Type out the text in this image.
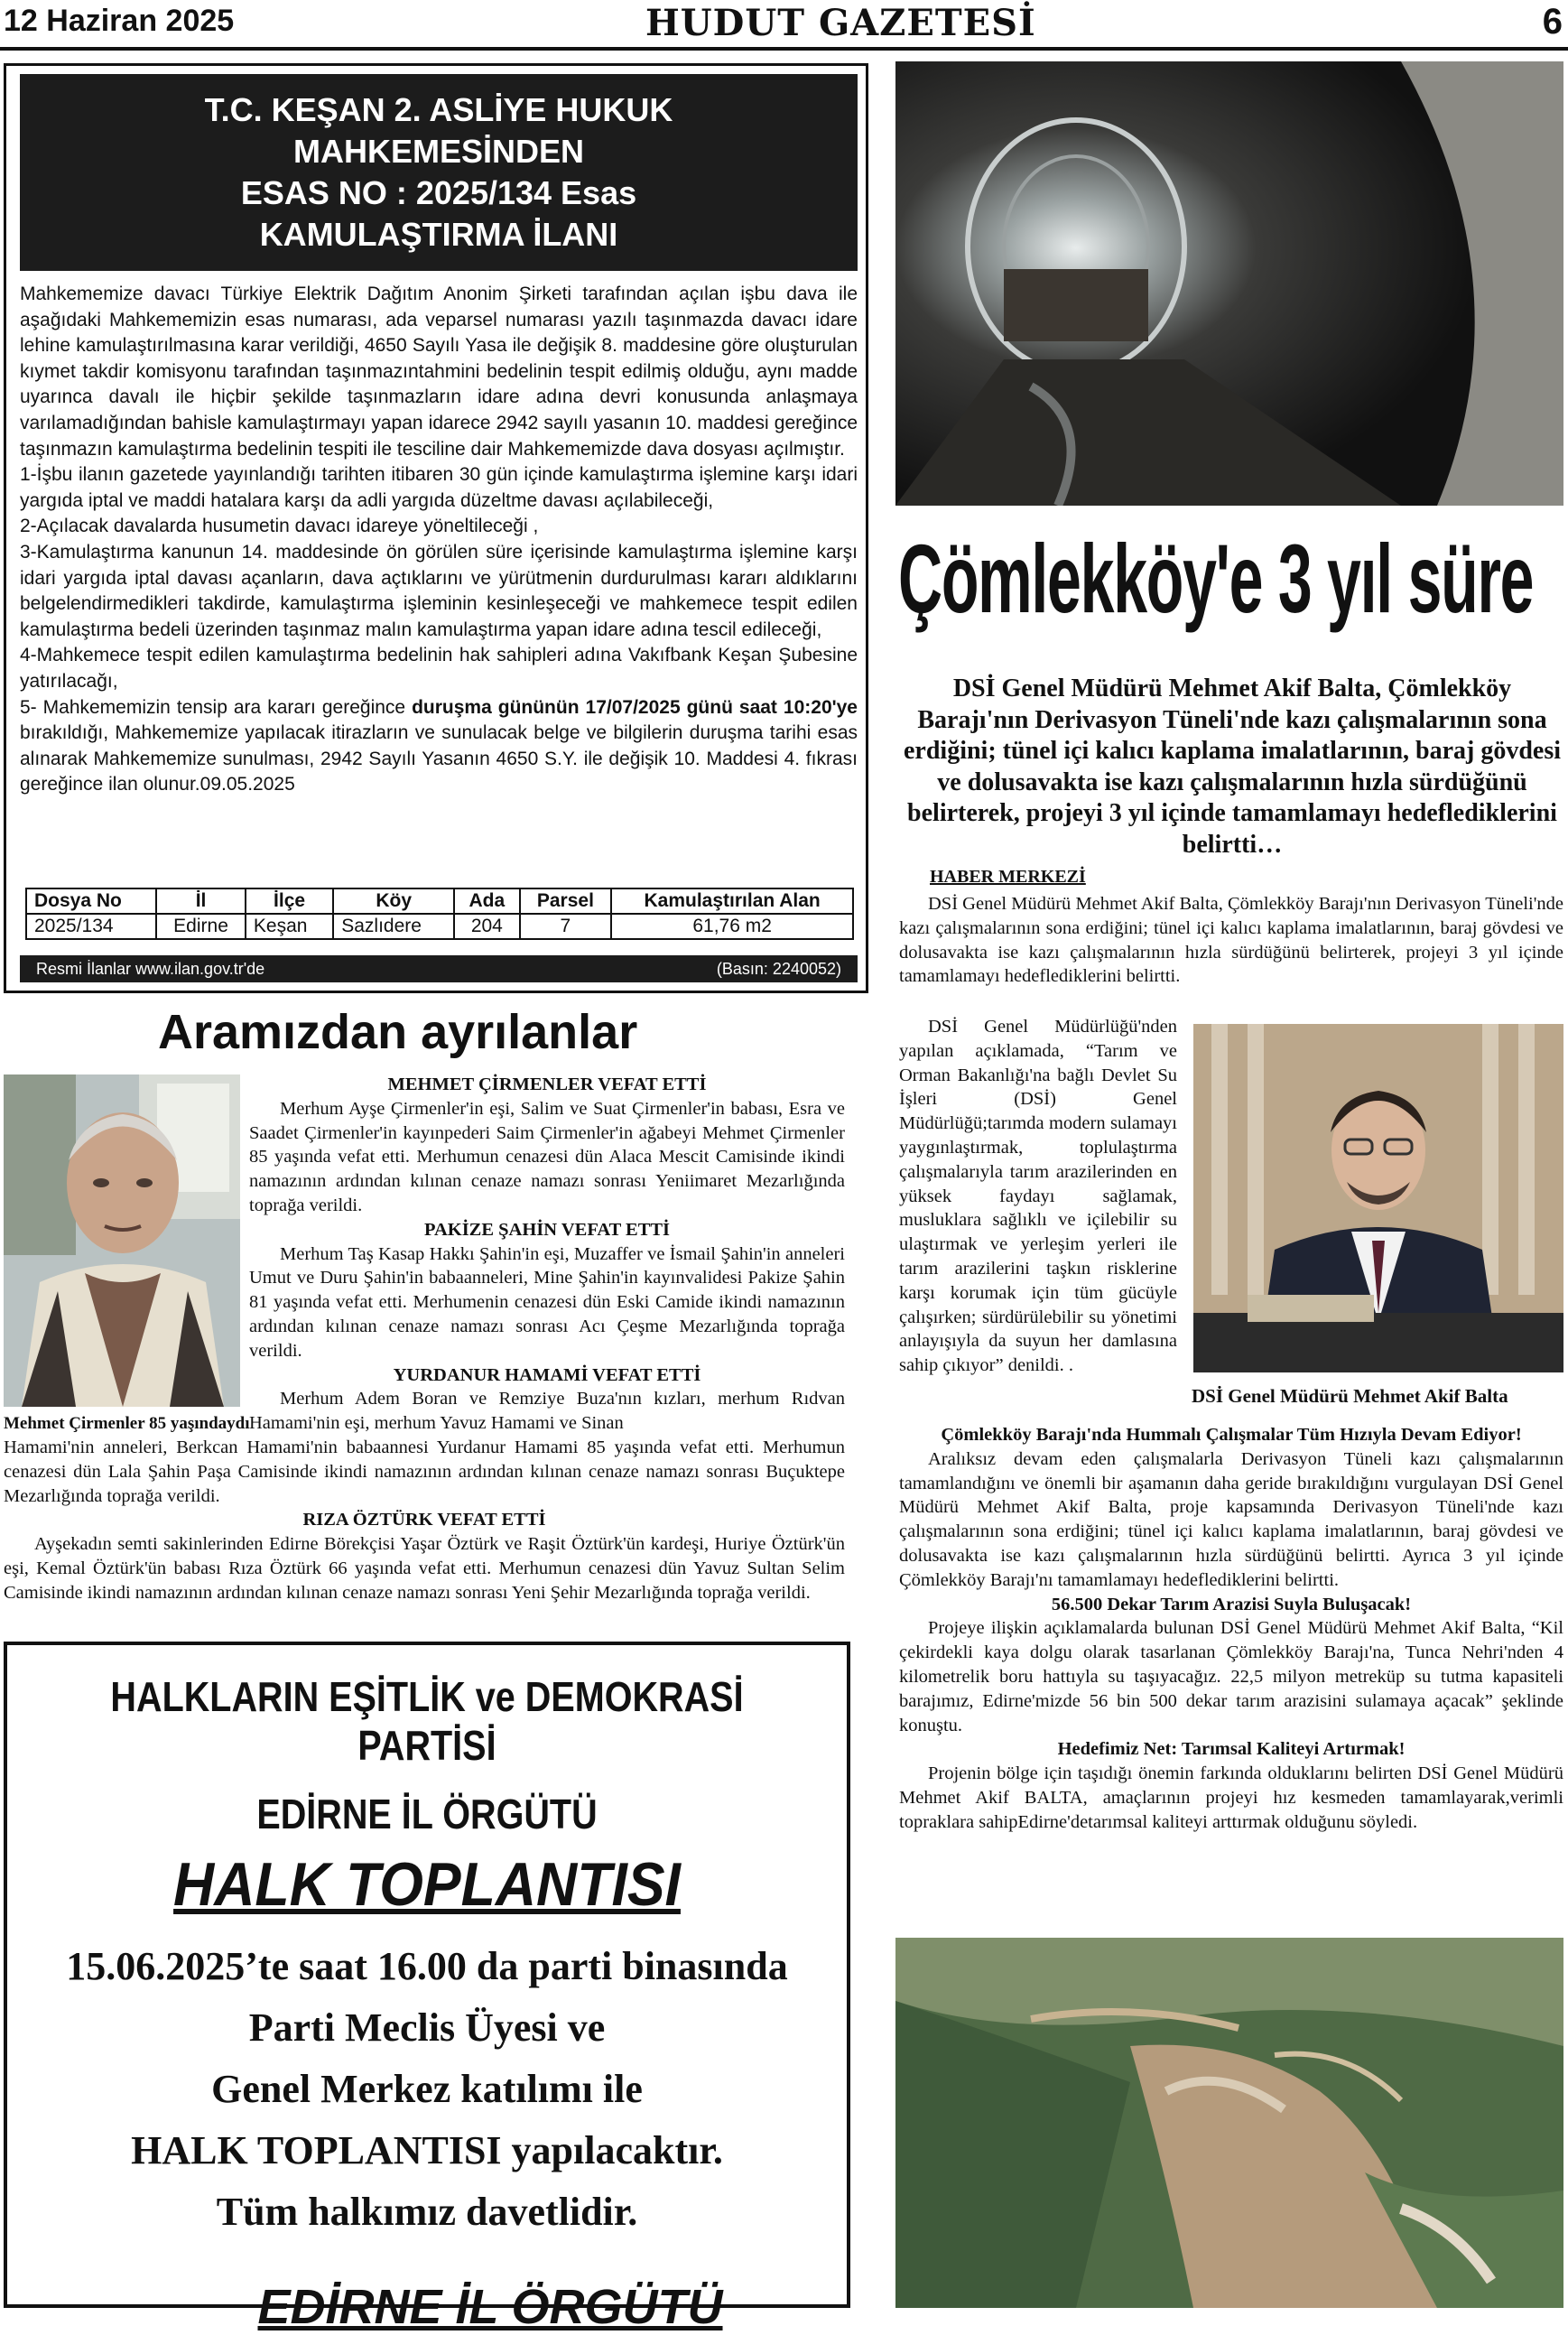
12 Haziran 2025	HUDUT GAZETESİ	6
T.C. KEŞAN 2. ASLİYE HUKUK
MAHKEMESİNDEN
ESAS NO : 2025/134 Esas
KAMULAŞTIRMA İLANI

Mahkememize davacı Türkiye Elektrik Dağıtım Anonim Şirketi tarafından açılan işbu dava ile aşağıdaki Mahkememizin esas numarası, ada veparsel numarası yazılı taşınmazda davacı idare lehine kamulaştırılmasına karar verildiği, 4650 Sayılı Yasa ile değişik 8. maddesine göre oluşturulan kıymet takdir komisyonu tarafından taşınmazıntahmini bedelinin tespit edilmiş olduğu, aynı madde uyarınca davalı ile hiçbir şekilde taşınmazların idare adına devri konusunda anlaşmaya varılamadığından bahisle kamulaştırmayı yapan idarece 2942 sayılı yasanın 10. maddesi gereğince taşınmazın kamulaştırma bedelinin tespiti ile tesciline dair Mahkememizde dava dosyası açılmıştır.

1-İşbu ilanın gazetede yayınlandığı tarihten itibaren 30 gün içinde kamulaştırma işlemine karşı idari yargıda iptal ve maddi hatalara karşı da adli yargıda düzeltme davası açılabileceği,

2-Açılacak davalarda husumetin davacı idareye yöneltileceği ,

3-Kamulaştırma kanunun 14. maddesinde ön görülen süre içerisinde kamulaştırma işlemine karşı idari yargıda iptal davası açanların, dava açtıklarını ve yürütmenin durdurulması kararı aldıklarını belgelendirmedikleri takdirde, kamulaştırma işleminin kesinleşeceği ve mahkemece tespit edilen kamulaştırma bedeli üzerinden taşınmaz malın kamulaştırma yapan idare adına tescil edileceği,

4-Mahkemece tespit edilen kamulaştırma bedelinin hak sahipleri adına Vakıfbank Keşan Şubesine yatırılacağı,

5- Mahkememizin tensip ara kararı gereğince duruşma gününün 17/07/2025 günü saat 10:20'ye bırakıldığı, Mahkememize yapılacak itirazların ve sunulacak belge ve bilgilerin duruşma tarihi esas alınarak Mahkememize sunulması, 2942 Sayılı Yasanın 4650 S.Y. ile değişik 10. Maddesi 4. fıkrası gereğince ilan olunur.09.05.2025

Dosya No	İl	İlçe	Köy	Ada	Parsel	Kamulaştırılan Alan
2025/134	Edirne	Keşan	Sazlıdere	204	7	61,76 m2
Resmi İlanlar www.ilan.gov.tr'de	(Basın: 2240052)
Aramızdan ayrılanlar
Mehmet Çirmenler 85 yaşındaydı
MEHMET ÇİRMENLER VEFAT ETTİ

Merhum Ayşe Çirmenler'in eşi, Salim ve Suat Çirmenler'in babası, Esra ve Saadet Çirmenler'in kayınpederi Saim Çirmenler'in ağabeyi Mehmet Çirmenler 85 yaşında vefat etti. Merhumun cenazesi dün Alaca Mescit Camisinde ikindi namazının ardından kılınan cenaze namazı sonrası Yeniimaret Mezarlığında toprağa verildi.

PAKİZE ŞAHİN VEFAT ETTİ

Merhum Taş Kasap Hakkı Şahin'in eşi, Muzaffer ve İsmail Şahin'in anneleri Umut ve Duru Şahin'in babaanneleri, Mine Şahin'in kayınvalidesi Pakize Şahin 81 yaşında vefat etti. Merhumenin cenazesi dün Eski Camide ikindi namazının ardından kılınan cenaze namazı sonrası Acı Çeşme Mezarlığında toprağa verildi.

YURDANUR HAMAMİ VEFAT ETTİ

Merhum Adem Boran ve Remziye Buza'nın kızları, merhum Rıdvan Hamami'nin eşi, merhum Yavuz Hamami ve Sinan

Hamami'nin anneleri, Berkcan Hamami'nin babaannesi Yurdanur Hamami 85 yaşında vefat etti. Merhumun cenazesi dün Lala Şahin Paşa Camisinde ikindi namazının ardından kılınan cenaze namazı sonrası Buçuktepe Mezarlığında toprağa verildi.

RIZA ÖZTÜRK VEFAT ETTİ

Ayşekadın semti sakinlerinden Edirne Börekçisi Yaşar Öztürk ve Raşit Öztürk'ün kardeşi, Huriye Öztürk'ün eşi, Kemal Öztürk'ün babası Rıza Öztürk 66 yaşında vefat etti. Merhumun cenazesi dün Yavuz Sultan Selim Camisinde ikindi namazının ardından kılınan cenaze namazı sonrası Yeni Şehir Mezarlığında toprağa verildi.

HALKLARIN EŞİTLİK ve DEMOKRASİ PARTİSİ
EDİRNE İL ÖRGÜTÜ
HALK TOPLANTISI
15.06.2025’te saat 16.00 da parti binasında
Parti Meclis Üyesi ve
Genel Merkez katılımı ile
HALK TOPLANTISI yapılacaktır.
Tüm halkımız davetlidir.
EDİRNE İL ÖRGÜTÜ
Çömlekköy'e 3 yıl süre
DSİ Genel Müdürü Mehmet Akif Balta, Çömlekköy Barajı'nın Derivasyon Tüneli'nde kazı çalışmalarının sona erdiğini; tünel içi kalıcı kaplama imalatlarının, baraj gövdesi ve dolusavakta ise kazı çalışmalarının hızla sürdüğünü belirterek, projeyi 3 yıl içinde tamamlamayı hedeflediklerini belirtti…
HABER MERKEZİ

DSİ Genel Müdürü Mehmet Akif Balta, Çömlekköy Barajı'nın Derivasyon Tüneli'nde kazı çalışmalarının sona erdiğini; tünel içi kalıcı kaplama imalatlarının, baraj gövdesi ve dolusavakta ise kazı çalışmalarının hızla sürdüğünü belirterek, projeyi 3 yıl içinde tamamlamayı hedeflediklerini belirtti.

DSİ Genel Müdürlüğü'nden yapılan açıklamada, “Tarım ve Orman Bakanlığı'na bağlı Devlet Su İşleri (DSİ) Genel Müdürlüğü;tarımda modern sulamayı yaygınlaştırmak, toplulaştırma çalışmalarıyla tarım arazilerinden en yüksek faydayı sağlamak, musluklara sağlıklı ve içilebilir su ulaştırmak ve yerleşim yerleri ile tarım arazilerini taşkın risklerine karşı korumak için tüm gücüyle çalışırken; sürdürülebilir su yönetimi anlayışıyla da suyun her damlasına sahip çıkıyor” denildi. .

DSİ Genel Müdürü Mehmet Akif Balta
Çömlekköy Barajı'nda Hummalı Çalışmalar Tüm Hızıyla Devam Ediyor!

Aralıksız devam eden çalışmalarla Derivasyon Tüneli kazı çalışmalarının tamamlandığını ve önemli bir aşamanın daha geride bırakıldığını vurgulayan DSİ Genel Müdürü Mehmet Akif Balta, proje kapsamında Derivasyon Tüneli'nde kazı çalışmalarının sona erdiğini; tünel içi kalıcı kaplama imalatlarının, baraj gövdesi ve dolusavakta ise kazı çalışmalarının hızla sürdüğünü belirtti. Ayrıca 3 yıl içinde Çömlekköy Barajı'nı tamamlamayı hedeflediklerini belirtti.

56.500 Dekar Tarım Arazisi Suyla Buluşacak!

Projeye ilişkin açıklamalarda bulunan DSİ Genel Müdürü Mehmet Akif Balta, “Kil çekirdekli kaya dolgu olarak tasarlanan Çömlekköy Barajı'na, Tunca Nehri'nden 4 kilometrelik boru hattıyla su taşıyacağız. 22,5 milyon metreküp su tutma kapasiteli barajımız, Edirne'mizde 56 bin 500 dekar tarım arazisini sulamaya açacak” şeklinde konuştu.

Hedefimiz Net: Tarımsal Kaliteyi Artırmak!

Projenin bölge için taşıdığı önemin farkında olduklarını belirten DSİ Genel Müdürü Mehmet Akif BALTA, amaçlarının projeyi hız kesmeden tamamlayarak,verimli topraklara sahipEdirne'detarımsal kaliteyi arttırmak olduğunu söyledi.
